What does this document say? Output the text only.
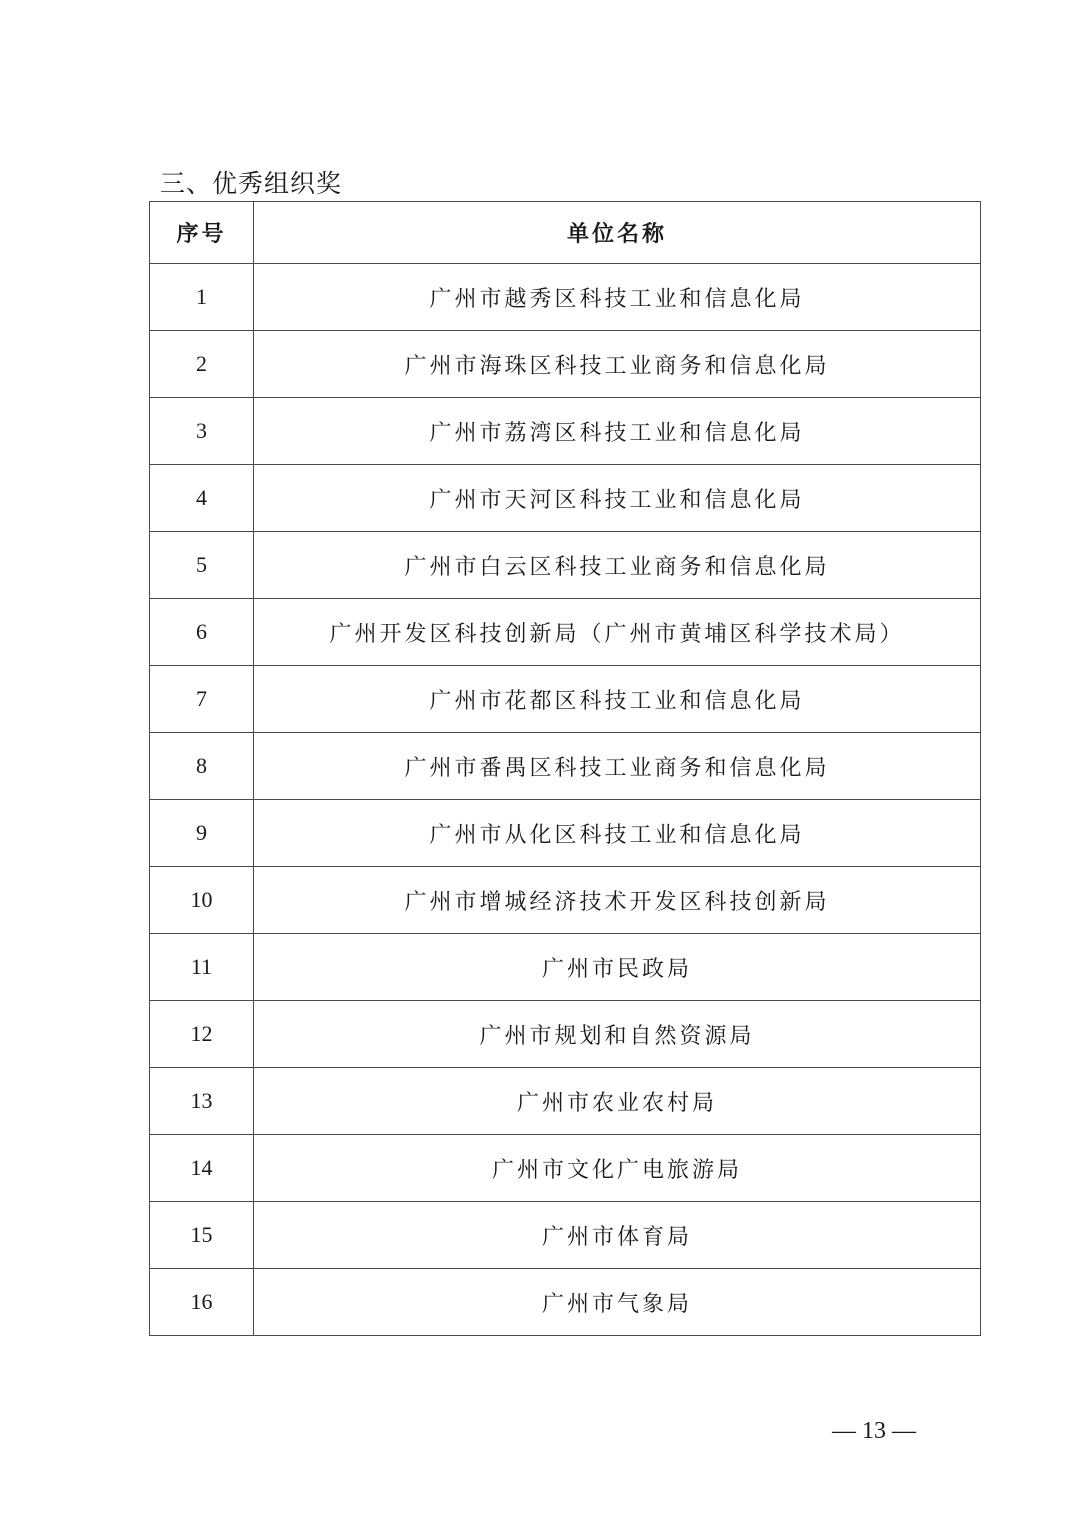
三、优秀组织奖
序号	单位名称
1	广州市越秀区科技工业和信息化局
2	广州市海珠区科技工业商务和信息化局
3	广州市荔湾区科技工业和信息化局
4	广州市天河区科技工业和信息化局
5	广州市白云区科技工业商务和信息化局
6	广州开发区科技创新局（广州市黄埔区科学技术局）
7	广州市花都区科技工业和信息化局
8	广州市番禺区科技工业商务和信息化局
9	广州市从化区科技工业和信息化局
10	广州市增城经济技术开发区科技创新局
11	广州市民政局
12	广州市规划和自然资源局
13	广州市农业农村局
14	广州市文化广电旅游局
15	广州市体育局
16	广州市气象局
— 13 —
